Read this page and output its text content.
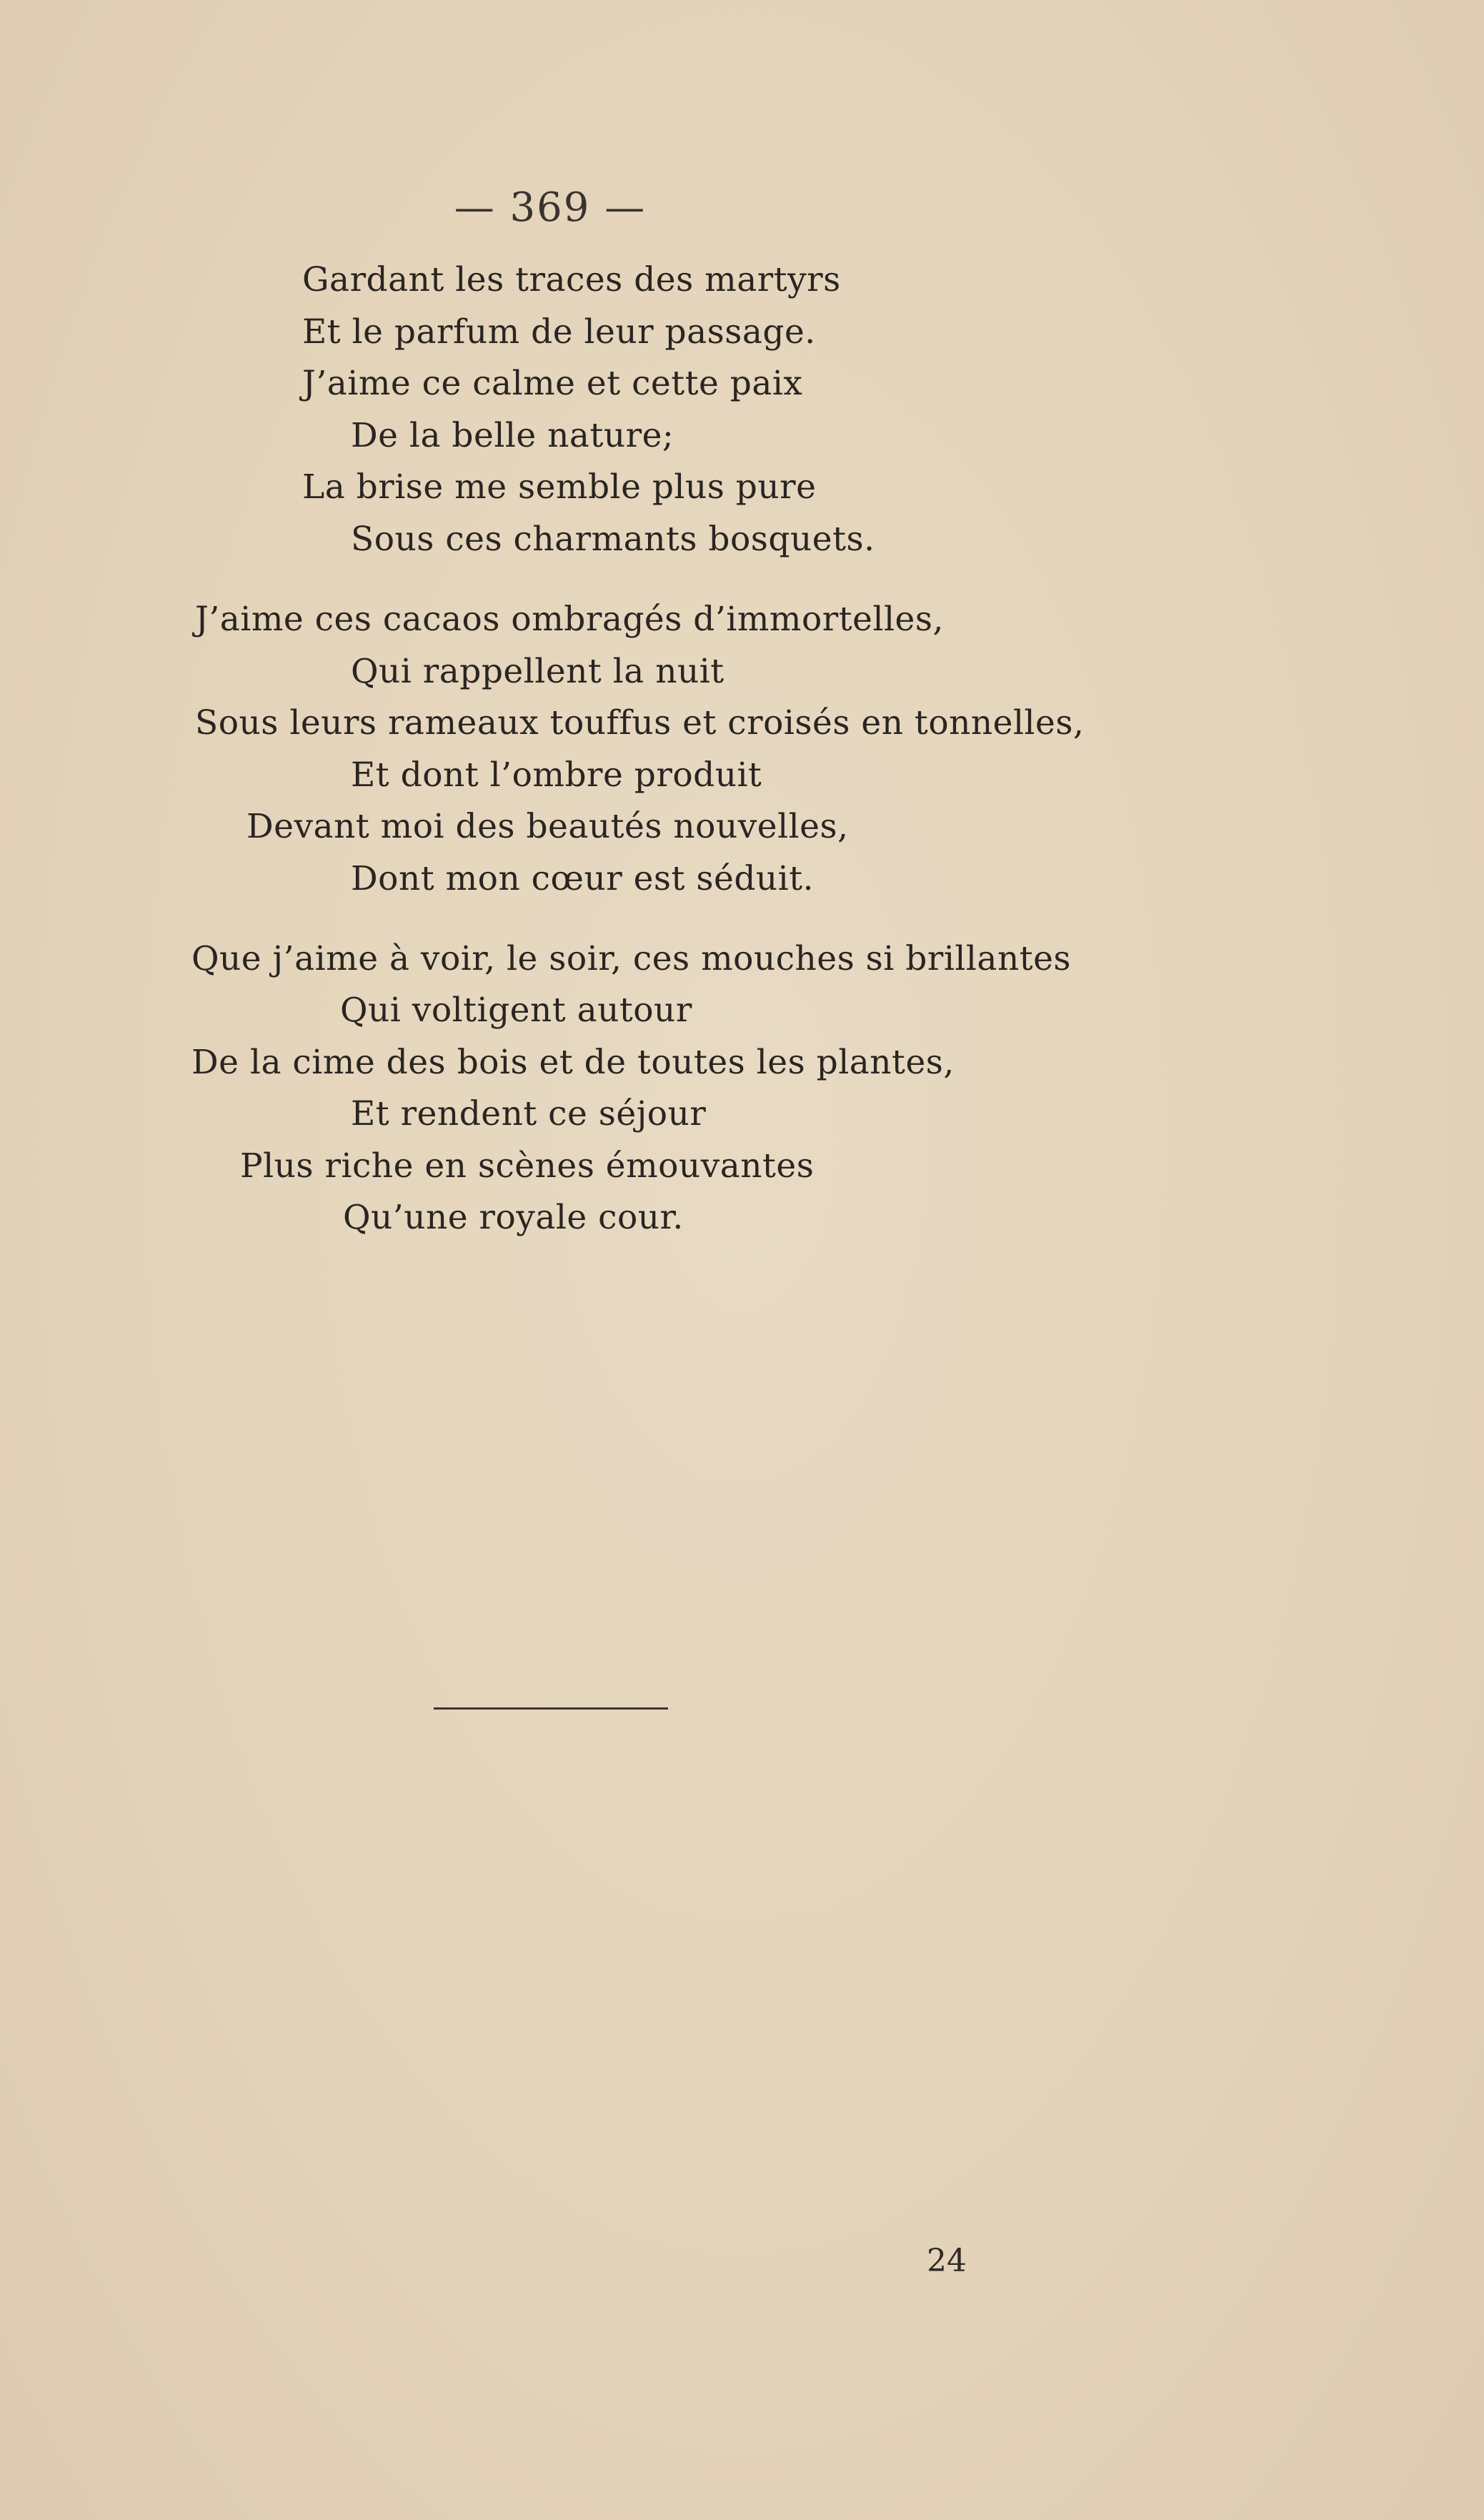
— 369 —
Gardant les traces des martyrs
Et le parfum de leur passage.
J’aime ce calme et cette paix
De la belle nature;
La brise me semble plus pure
Sous ces charmants bosquets.
J’aime ces cacaos ombragés d’immortelles,
Qui rappellent la nuit
Sous leurs rameaux touffus et croisés en tonnelles,
Et dont l’ombre produit
Devant moi des beautés nouvelles,
Dont mon cœur est séduit.
Que j’aime à voir, le soir, ces mouches si brillantes
Qui voltigent autour
De la cime des bois et de toutes les plantes,
Et rendent ce séjour
Plus riche en scènes émouvantes
Qu’une royale cour.
24
